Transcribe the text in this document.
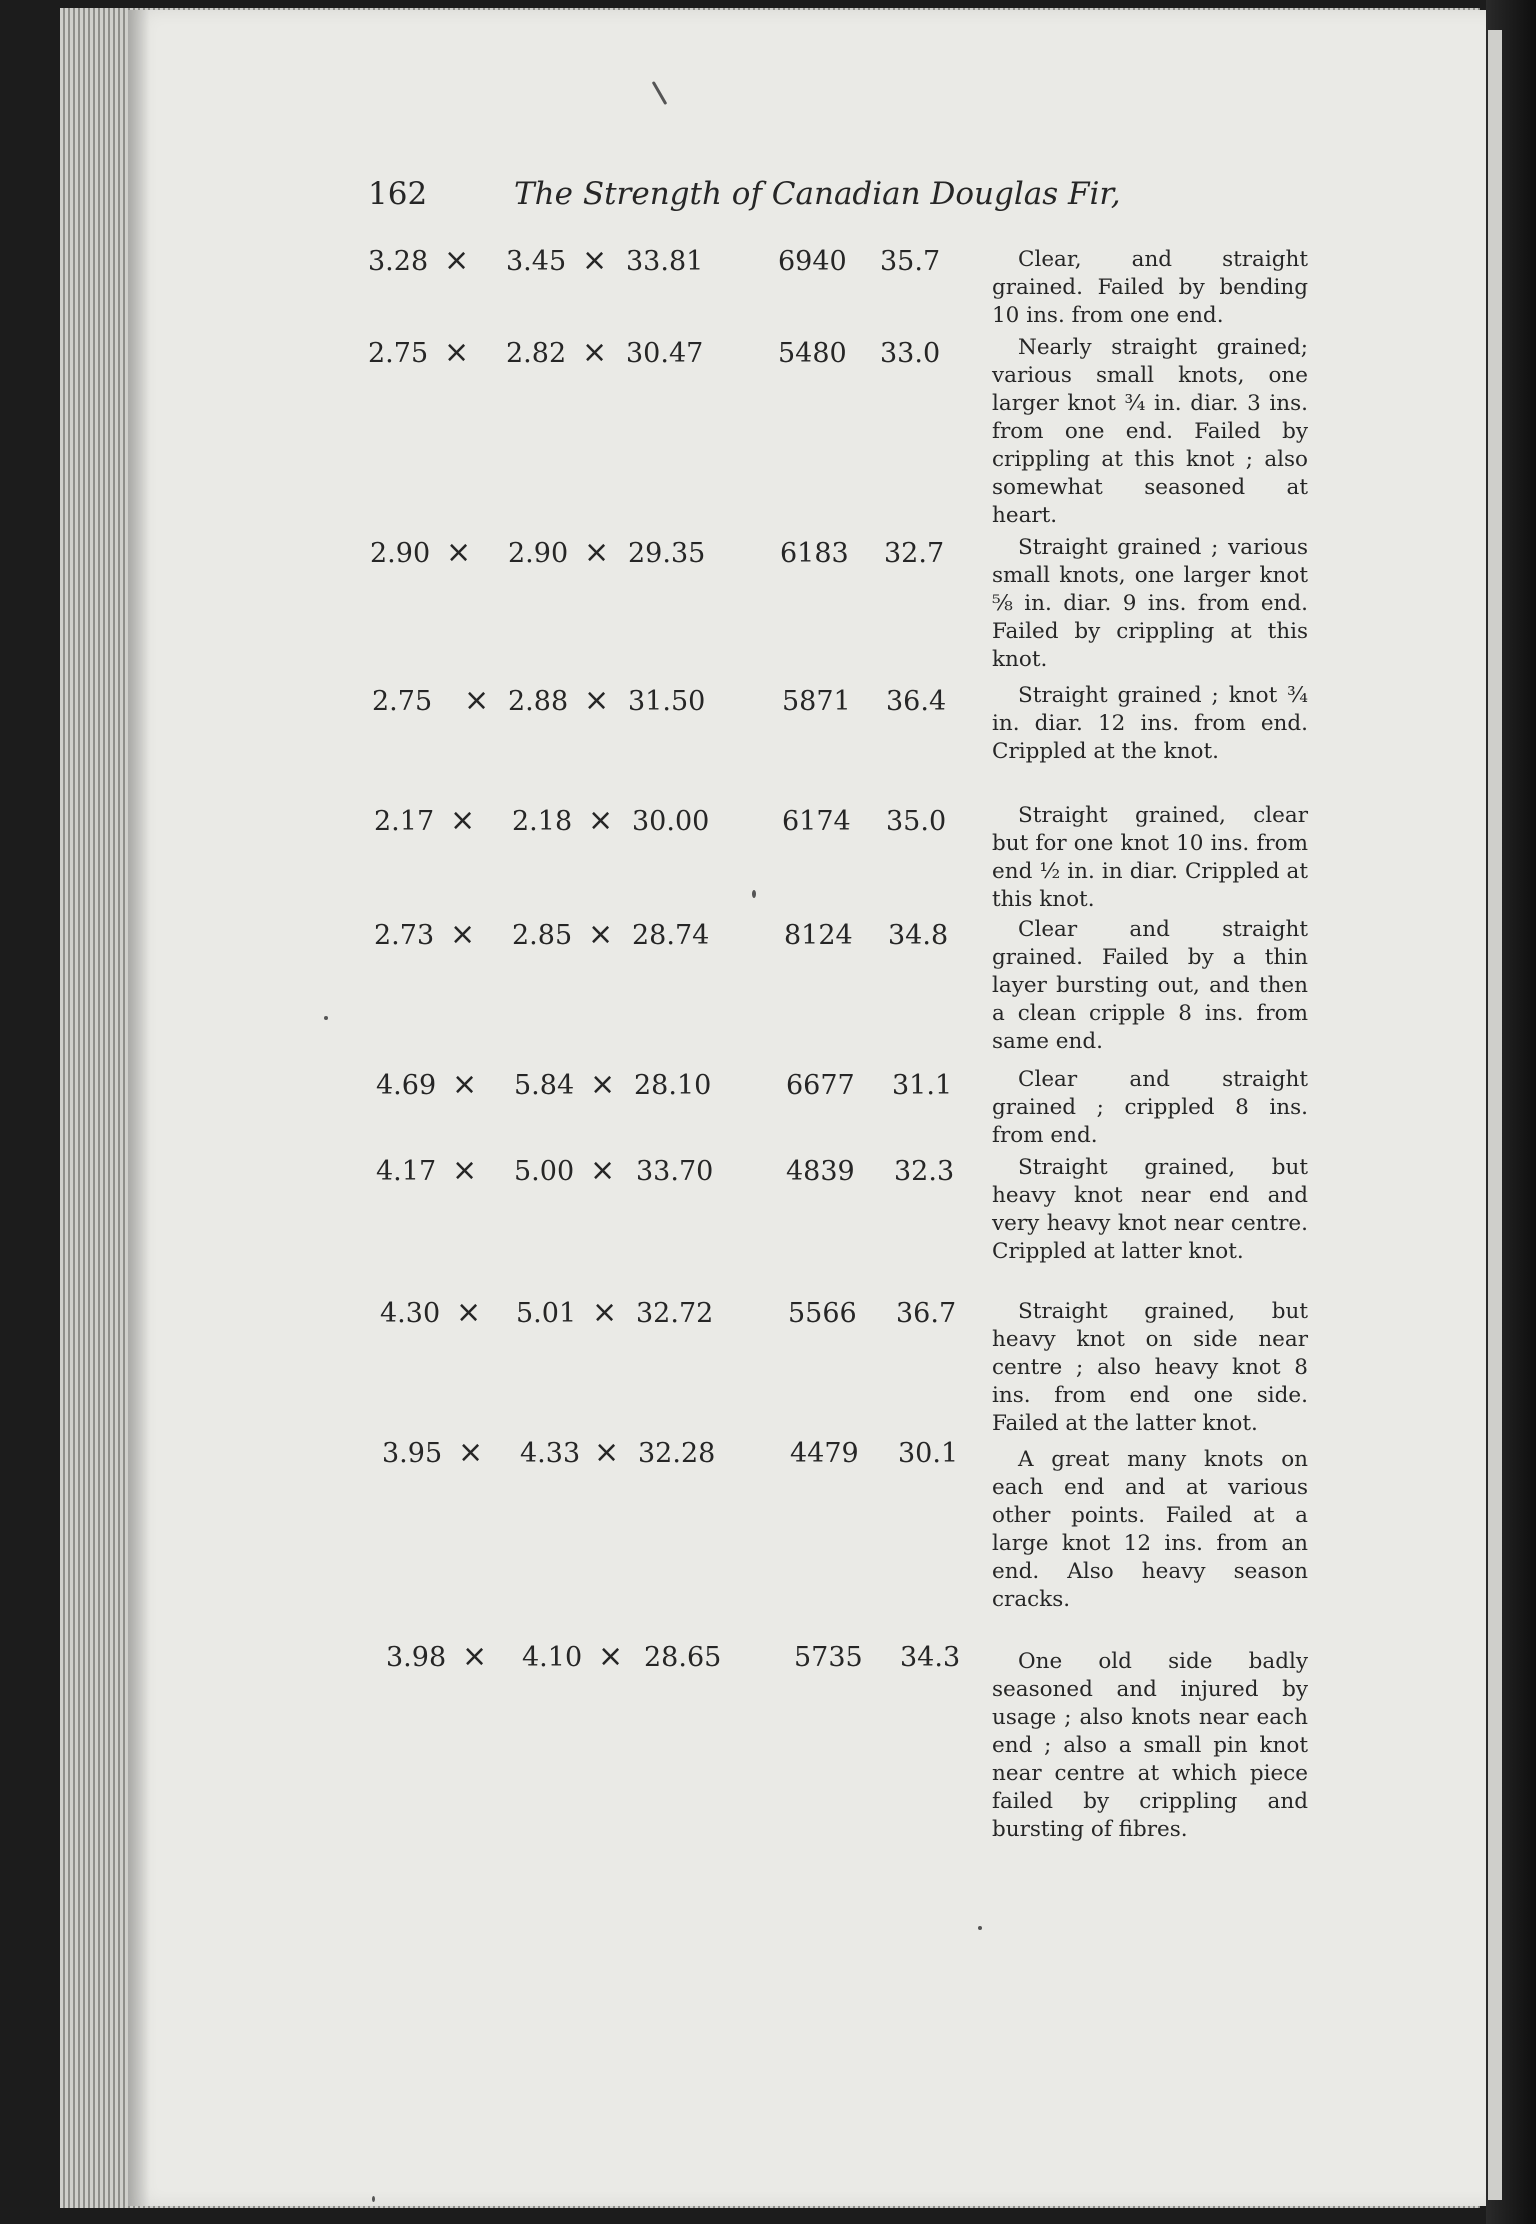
162	The Strength of Canadian Douglas Fir,
3.28 × 3.45 × 33.81	6940 35.7	Clear, and straight grained. Failed by bending 10 ins. from one end.
2.75 × 2.82 × 30.47	5480 33.0	Nearly straight grained; various small knots, one larger knot ¾ in. diar. 3 ins. from one end. Failed by crippling at this knot ; also somewhat seasoned at heart.
2.90 × 2.90 × 29.35	6183 32.7	Straight grained ; various small knots, one larger knot ⅝ in. diar. 9 ins. from end. Failed by crippling at this knot.
2.75 × 2.88 × 31.50	5871 36.4	Straight grained ; knot ¾ in. diar. 12 ins. from end. Crippled at the knot.
2.17 × 2.18 × 30.00	6174 35.0	Straight grained, clear but for one knot 10 ins. from end ½ in. in diar. Crippled at this knot.
2.73 × 2.85 × 28.74	8124 34.8	Clear and straight grained. Failed by a thin layer bursting out, and then a clean cripple 8 ins. from same end.
4.69 × 5.84 × 28.10	6677 31.1	Clear and straight grained ; crippled 8 ins. from end.
4.17 × 5.00 × 33.70	4839 32.3	Straight grained, but heavy knot near end and very heavy knot near centre. Crippled at latter knot.
4.30 × 5.01 × 32.72	5566 36.7	Straight grained, but heavy knot on side near centre ; also heavy knot 8 ins. from end one side. Failed at the latter knot.
3.95 × 4.33 × 32.28	4479 30.1	A great many knots on each end and at various other points. Failed at a large knot 12 ins. from an end. Also heavy season cracks.
3.98 × 4.10 × 28.65	5735 34.3	One old side badly seasoned and injured by usage ; also knots near each end ; also a small pin knot near centre at which piece failed by crippling and bursting of fibres.
